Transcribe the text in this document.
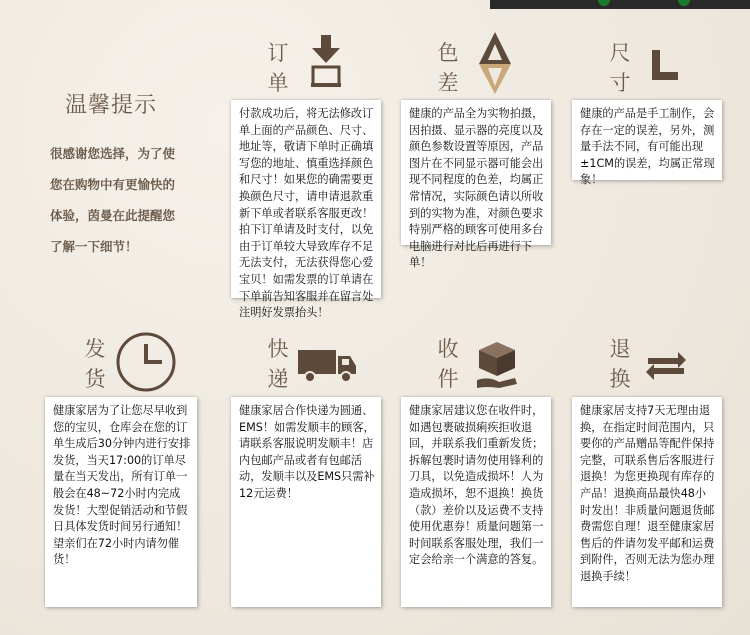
温馨提示
很感谢您选择，为了使您在购物中有更愉快的体验，茵曼在此提醒您了解一下细节！
订
单
付款成功后，将无法修改订单上面的产品颜色、尺寸、地址等，敬请下单时正确填写您的地址、慎重选择颜色和尺寸！如果您的确需要更换颜色尺寸，请申请退款重新下单或者联系客服更改！拍下订单请及时支付，以免由于订单较大导致库存不足无法支付，无法获得您心爱宝贝！如需发票的订单请在下单前告知客服并在留言处注明好发票抬头！
色
差
健康的产品全为实物拍摄，因拍摄、显示器的亮度以及颜色参数设置等原因，产品图片在不同显示器可能会出现不同程度的色差，均属正常情况，实际颜色请以所收到的实物为准，对颜色要求特别严格的顾客可使用多台电脑进行对比后再进行下单！
尺
寸
健康的产品是手工制作，会存在一定的误差，另外，测量手法不同，有可能出现±1CM的误差，均属正常现象！
发
货
健康家居为了让您尽早收到您的宝贝，仓库会在您的订单生成后30分钟内进行安排发货，当天17:00的订单尽量在当天发出，所有订单一般会在48~72小时内完成发货！大型促销活动和节假日具体发货时间另行通知！望亲们在72小时内请勿催货！
快
递
健康家居合作快递为圆通、EMS！如需发顺丰的顾客，请联系客服说明发顺丰！店内包邮产品或者有包邮活动，发顺丰以及EMS只需补12元运费！
收
件
健康家居建议您在收件时，如遇包裹破损痢疾拒收退回，并联系我们重新发货；拆解包裹时请勿使用锋利的刀具，以免造成损坏！人为造成损坏，恕不退换！换货（款）差价以及运费不支持使用优惠券！质量问题第一时间联系客服处理，我们一定会给亲一个满意的答复。
退
换
健康家居支持7天无理由退换，在指定时间范围内，只要你的产品赠品等配件保持完整，可联系售后客服进行退换！为您更换现有库存的产品！退换商品最快48小时发出！非质量问题退货邮费需您自理！退至健康家居售后的件请勿发平邮和运费到附件，否则无法为您办理退换手续！
